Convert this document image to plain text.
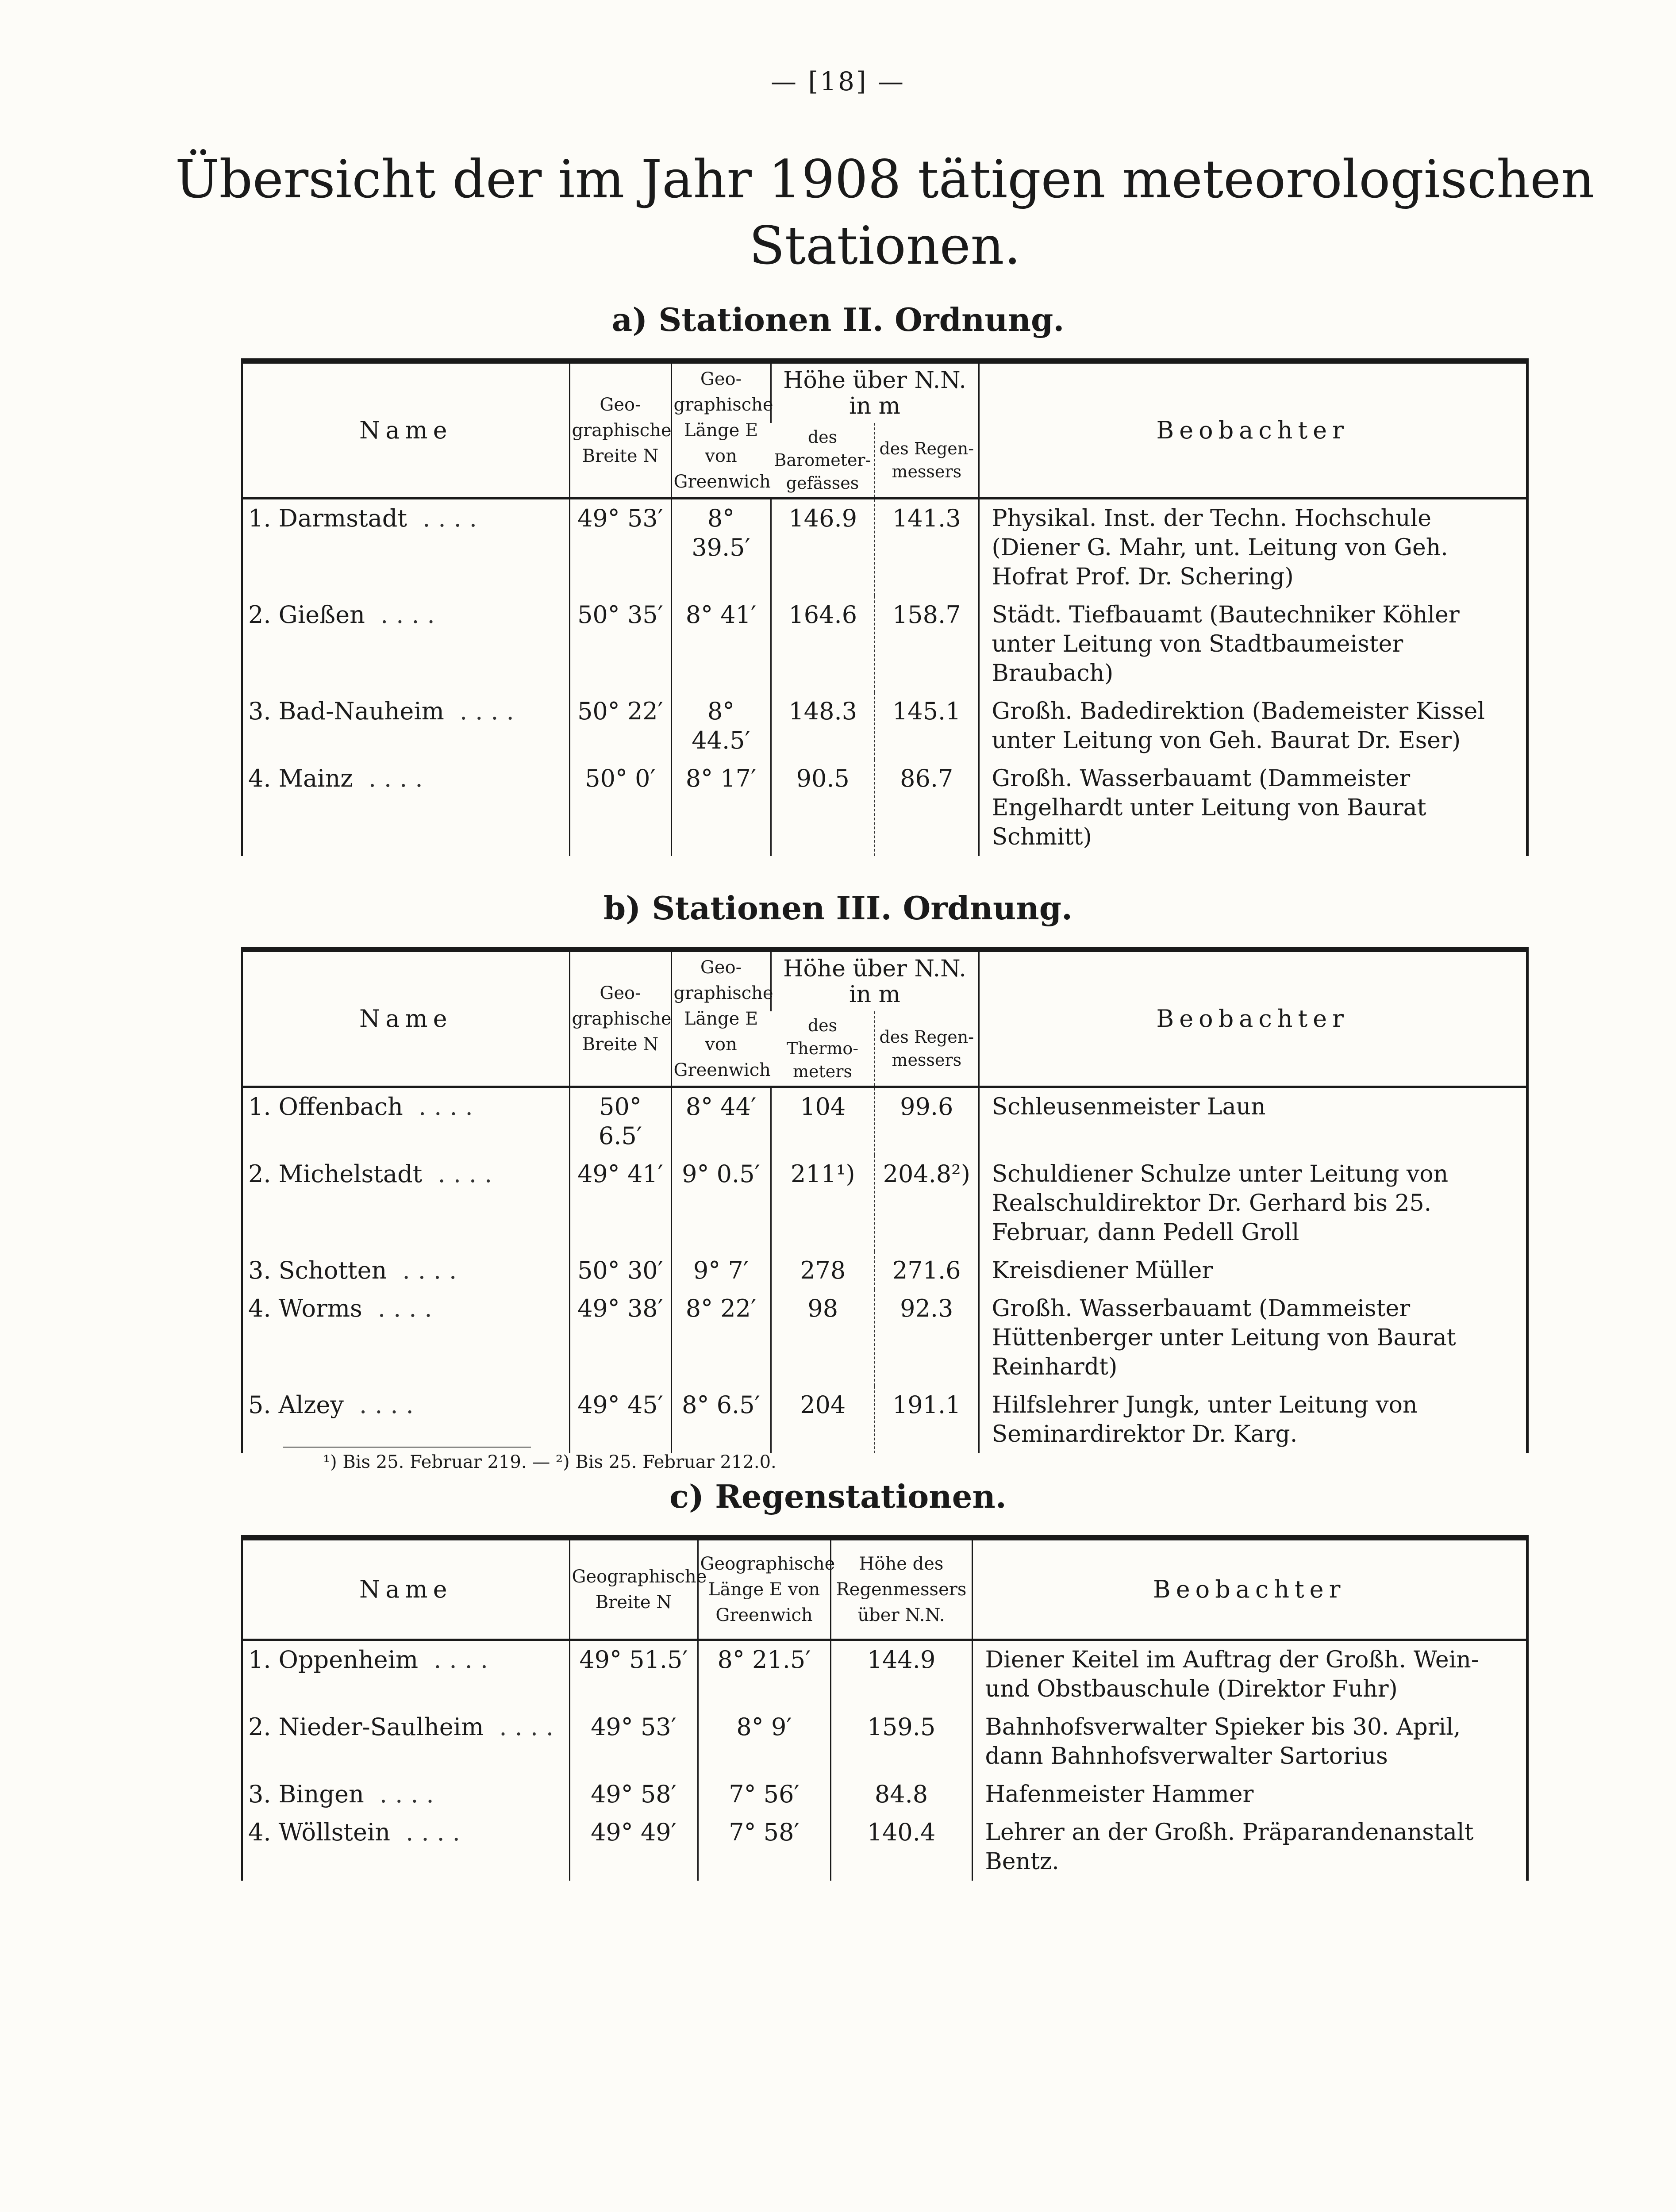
— [18] —
Übersicht der im Jahr 1908 tätigen meteorologischen
Stationen.
a) Stationen II. Ordnung.
Name	Geo-graphische Breite N	Geo-graphische Länge E von Greenwich	Höhe über N.N. in m		Beobachter
			des Barometer-gefässes	des Regen-messers	
1. Darmstadt ....	49° 53′	8° 39.5′	146.9	141.3	Physikal. Inst. der Techn. Hochschule (Diener G. Mahr, unt. Leitung von Geh. Hofrat Prof. Dr. Schering)
2. Gießen ....	50° 35′	8° 41′	164.6	158.7	Städt. Tiefbauamt (Bautechniker Köhler unter Leitung von Stadtbaumeister Braubach)
3. Bad-Nauheim ....	50° 22′	8° 44.5′	148.3	145.1	Großh. Badedirektion (Bademeister Kissel unter Leitung von Geh. Baurat Dr. Eser)
4. Mainz ....	50° 0′	8° 17′	90.5	86.7	Großh. Wasserbauamt (Dammeister Engelhardt unter Leitung von Baurat Schmitt)
b) Stationen III. Ordnung.
Name	Geo-graphische Breite N	Geo-graphische Länge E von Greenwich	Höhe über N.N. in m		Beobachter
			des Thermo-meters	des Regen-messers	
1. Offenbach ....	50° 6.5′	8° 44′	104	99.6	Schleusenmeister Laun
2. Michelstadt ....	49° 41′	9° 0.5′	211¹)	204.8²)	Schuldiener Schulze unter Leitung von Realschuldirektor Dr. Gerhard bis 25. Februar, dann Pedell Groll
3. Schotten ....	50° 30′	9° 7′	278	271.6	Kreisdiener Müller
4. Worms ....	49° 38′	8° 22′	98	92.3	Großh. Wasserbauamt (Dammeister Hüttenberger unter Leitung von Baurat Reinhardt)
5. Alzey ....	49° 45′	8° 6.5′	204	191.1	Hilfslehrer Jungk, unter Leitung von Seminardirektor Dr. Karg.
¹) Bis 25. Februar 219. — ²) Bis 25. Februar 212.0.
c) Regenstationen.
Name	Geographische Breite N	Geographische Länge E von Greenwich	Höhe des Regenmessers über N.N.	Beobachter
1. Oppenheim ....	49° 51.5′	8° 21.5′	144.9	Diener Keitel im Auftrag der Großh. Wein- und Obstbauschule (Direktor Fuhr)
2. Nieder-Saulheim ....	49° 53′	8° 9′	159.5	Bahnhofsverwalter Spieker bis 30. April, dann Bahnhofsverwalter Sartorius
3. Bingen ....	49° 58′	7° 56′	84.8	Hafenmeister Hammer
4. Wöllstein ....	49° 49′	7° 58′	140.4	Lehrer an der Großh. Präparandenanstalt Bentz.
